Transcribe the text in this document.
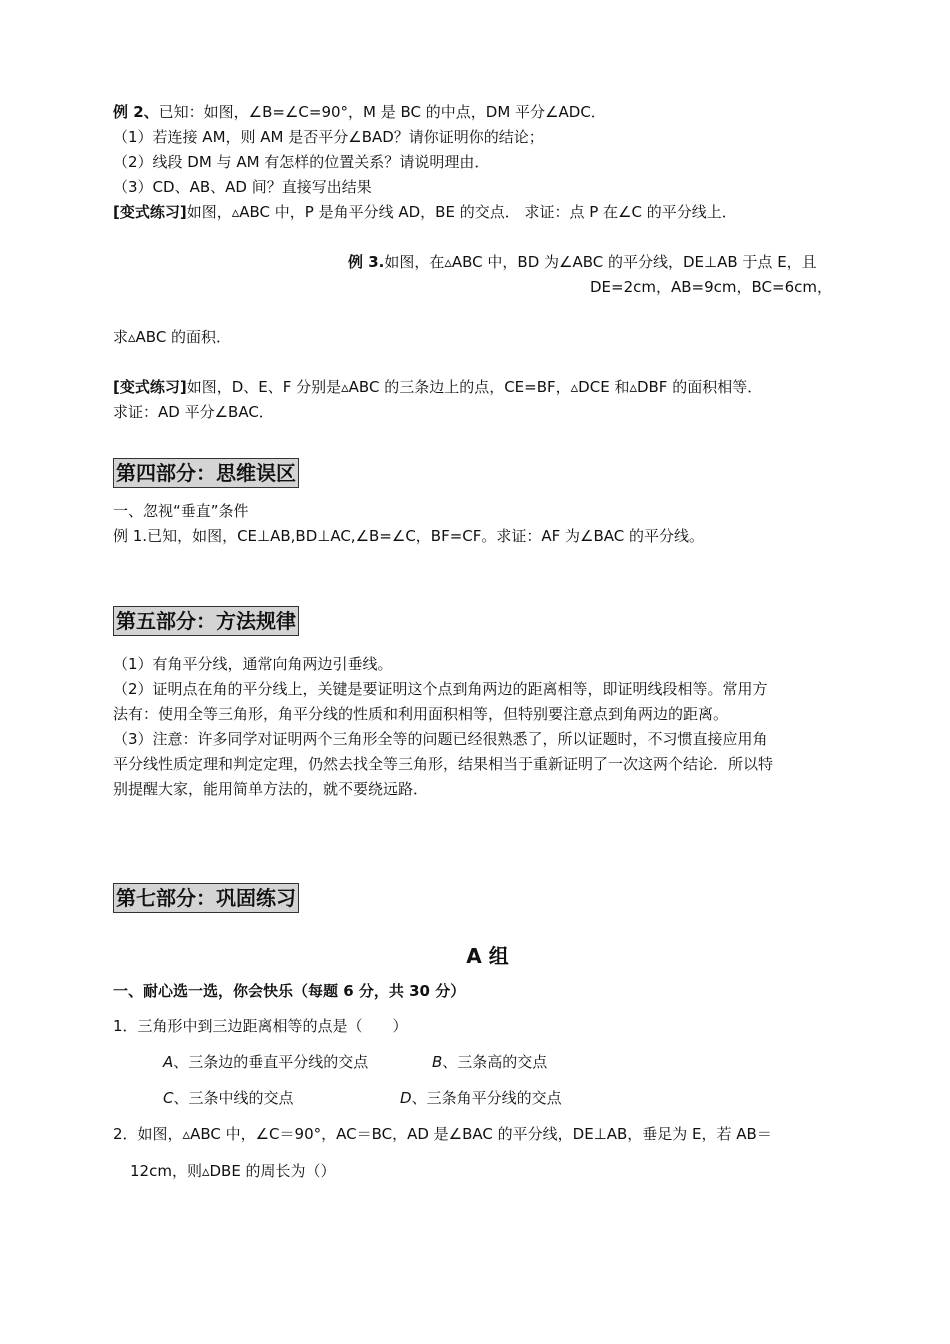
例 2、已知：如图，∠B=∠C=90°，M 是 BC 的中点，DM 平分∠ADC．
（1）若连接 AM，则 AM 是否平分∠BAD？请你证明你的结论；
（2）线段 DM 与 AM 有怎样的位置关系？请说明理由．
（3）CD、AB、AD 间？直接写出结果
[变式练习]如图，▵ABC 中，P 是角平分线 AD，BE 的交点． 求证：点 P 在∠C 的平分线上．
例 3.如图，在▵ABC 中，BD 为∠ABC 的平分线，DE⊥AB 于点 E，且
DE=2cm，AB=9cm，BC=6cm，
求▵ABC 的面积．
[变式练习]如图，D、E、F 分别是▵ABC 的三条边上的点，CE=BF，▵DCE 和▵DBF 的面积相等．
求证：AD 平分∠BAC．
第四部分：思维误区
一、忽视“垂直”条件
例 1.已知，如图，CE⊥AB,BD⊥AC,∠B=∠C，BF=CF。求证：AF 为∠BAC 的平分线。
第五部分：方法规律
（1）有角平分线，通常向角两边引垂线。
（2）证明点在角的平分线上，关键是要证明这个点到角两边的距离相等，即证明线段相等。常用方
法有：使用全等三角形，角平分线的性质和利用面积相等，但特别要注意点到角两边的距离。
（3）注意：许多同学对证明两个三角形全等的问题已经很熟悉了，所以证题时，不习惯直接应用角
平分线性质定理和判定定理，仍然去找全等三角形，结果相当于重新证明了一次这两个结论．所以特
别提醒大家，能用简单方法的，就不要绕远路．
第七部分：巩固练习
A 组
一、耐心选一选，你会快乐（每题 6 分，共 30 分）
1．三角形中到三边距离相等的点是（　　）
A、三条边的垂直平分线的交点	B、三条高的交点
C、三条中线的交点	D、三条角平分线的交点
2．如图，▵ABC 中，∠C＝90°，AC＝BC，AD 是∠BAC 的平分线，DE⊥AB，垂足为 E，若 AB＝
12cm，则▵DBE 的周长为（）
